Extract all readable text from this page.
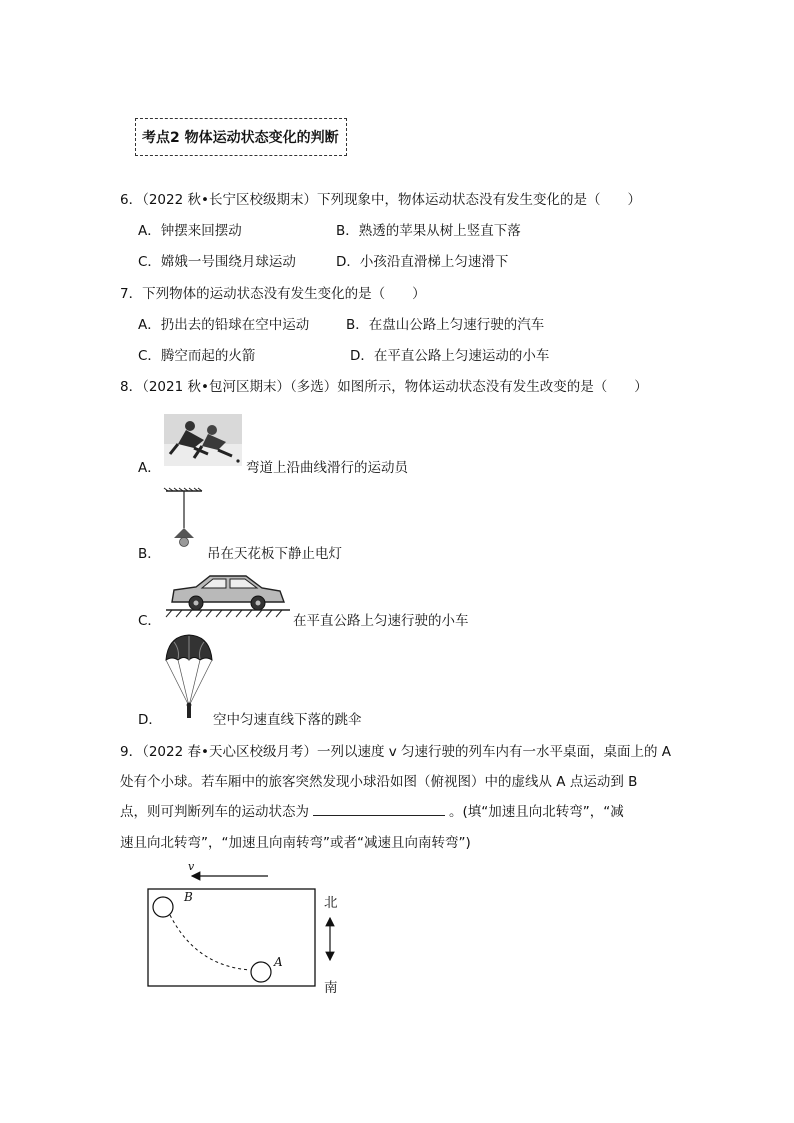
考点2 物体运动状态变化的判断
6．（2022 秋•长宁区校级期末）下列现象中，物体运动状态没有发生变化的是（　　）
A．钟摆来回摆动	B．熟透的苹果从树上竖直下落
C．嫦娥一号围绕月球运动	D．小孩沿直滑梯上匀速滑下
7．下列物体的运动状态没有发生变化的是（　　）
A．扔出去的铅球在空中运动	B．在盘山公路上匀速行驶的汽车
C．腾空而起的火箭	D．在平直公路上匀速运动的小车
8．（2021 秋•包河区期末）（多选）如图所示，物体运动状态没有发生改变的是（　　）
A．	弯道上沿曲线滑行的运动员
B．	吊在天花板下静止电灯
C．	在平直公路上匀速行驶的小车
D．	空中匀速直线下落的跳伞
9．（2022 春•天心区校级月考）一列以速度 v 匀速行驶的列车内有一水平桌面，桌面上的 A
处有个小球。若车厢中的旅客突然发现小球沿如图（俯视图）中的虚线从 A 点运动到 B
点，则可判断列车的运动状态为	。(填“加速且向北转弯”，“减
速且向北转弯”，“加速且向南转弯”或者“减速且向南转弯”)
B
A
v
北
南
